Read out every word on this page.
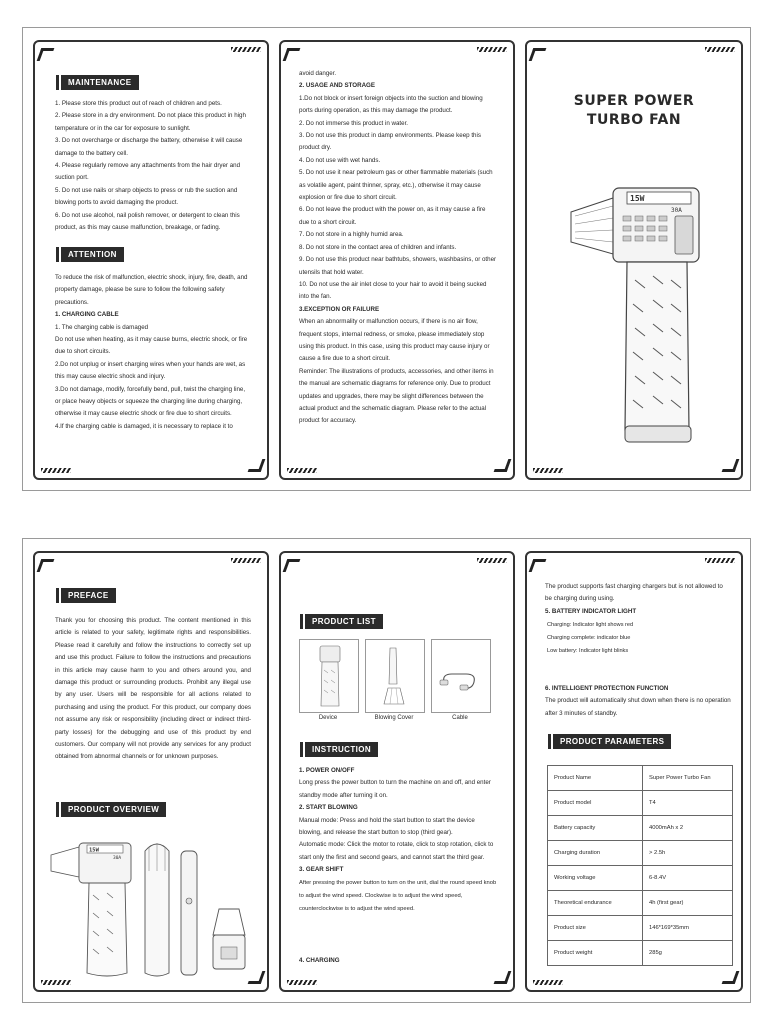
MAINTENANCE

1. Please store this product out of reach of children and pets.

2. Please store in a dry environment. Do not place this product in high temperature or in the car for exposure to sunlight.

3. Do not overcharge or discharge the battery, otherwise it will cause damage to the battery cell.

4. Please regularly remove any attachments from the hair dryer and suction port.

5. Do not use nails or sharp objects to press or rub the suction and blowing ports to avoid damaging the product.

6. Do not use alcohol, nail polish remover, or detergent to clean this product, as this may cause malfunction, breakage, or fading.

ATTENTION

To reduce the risk of malfunction, electric shock, injury, fire, death, and property damage, please be sure to follow the following safety precautions.

1. CHARGING CABLE

1. The charging cable is damaged

Do not use when heating, as it may cause burns, electric shock, or fire due to short circuits.

2.Do not unplug or insert charging wires when your hands are wet, as this may cause electric shock and injury.

3.Do not damage, modify, forcefully bend, pull, twist the charging line, or place heavy objects or squeeze the charging line during charging, otherwise it may cause electric shock or fire due to short circuits.

4.If the charging cable is damaged, it is necessary to replace it to

avoid danger.

2. USAGE AND STORAGE

1.Do not block or insert foreign objects into the suction and blowing ports during operation, as this may damage the product.

2. Do not immerse this product in water.

3. Do not use this product in damp environments. Please keep this product dry.

4. Do not use with wet hands.

5. Do not use it near petroleum gas or other flammable materials (such as volatile agent, paint thinner, spray, etc.), otherwise it may cause explosion or fire due to short circuit.

6. Do not leave the product with the power on, as it may cause a fire due to a short circuit.

7. Do not store in a highly humid area.

8. Do not store in the contact area of children and infants.

9. Do not use this product near bathtubs, showers, washbasins, or other utensils that hold water.

10. Do not use the air inlet close to your hair to avoid it being sucked into the fan.

3.EXCEPTION OR FAILURE

When an abnormality or malfunction occurs, if there is no air flow, frequent stops, internal redness, or smoke, please immediately stop using this product. In this case, using this product may cause injury or cause a fire due to a short circuit.

Reminder: The illustrations of products, accessories, and other items in the manual are schematic diagrams for reference only. Due to product updates and upgrades, there may be slight differences between the actual product and the schematic diagram. Please refer to the actual product for accuracy.

SUPER POWER
TURBO FAN
15W
30A
PREFACE

Thank you for choosing this product. The content mentioned in this article is related to your safety, legitimate rights and responsibilities. Please read it carefully and follow the instructions to correctly set up and use this product. Failure to follow the instructions and precautions in this article may cause harm to you and others around you, and damage this product or surrounding products. Prohibit any illegal use by any user. Users will be responsible for all actions related to purchasing and using the product. For this product, our company does not assume any risk or responsibility (including direct or indirect third-party losses) for the debugging and use of this product by end customers. Our company will not provide any services for any product obtained from abnormal channels or for unknown purposes.

PRODUCT OVERVIEW
15W
30A
PRODUCT LIST
Device	Blowing Cover	Cable
INSTRUCTION

1. POWER ON/OFF

Long press the power button to turn the machine on and off, and enter standby mode after turning it on.

2. START BLOWING

Manual mode: Press and hold the start button to start the device blowing, and release the start button to stop (third gear).

Automatic mode: Click the motor to rotate, click to stop rotation, click to start only the first and second gears, and cannot start the third gear.

3. GEAR SHIFT

After pressing the power button to turn on the unit, dial the round speed knob to adjust the wind speed. Clockwise is to adjust the wind speed, counterclockwise is to adjust the wind speed.

4. CHARGING

The product supports fast charging chargers but is not allowed to be charging during using.

5. BATTERY INDICATOR LIGHT

Charging: Indicator light shows red
Charging complete: indicator blue
Low battery: Indicator light blinks

6. INTELLIGENT PROTECTION FUNCTION

The product will automatically shut down when there is no operation after 3 minutes of standby.

PRODUCT PARAMETERS
Product Name	Super Power Turbo Fan
Product model	T4
Battery capacity	4000mAh x 2
Charging duration	> 2.5h
Working voltage	6-8.4V
Theoretical endurance	4h (first gear)
Product size	146*169*35mm
Product weight	285g
